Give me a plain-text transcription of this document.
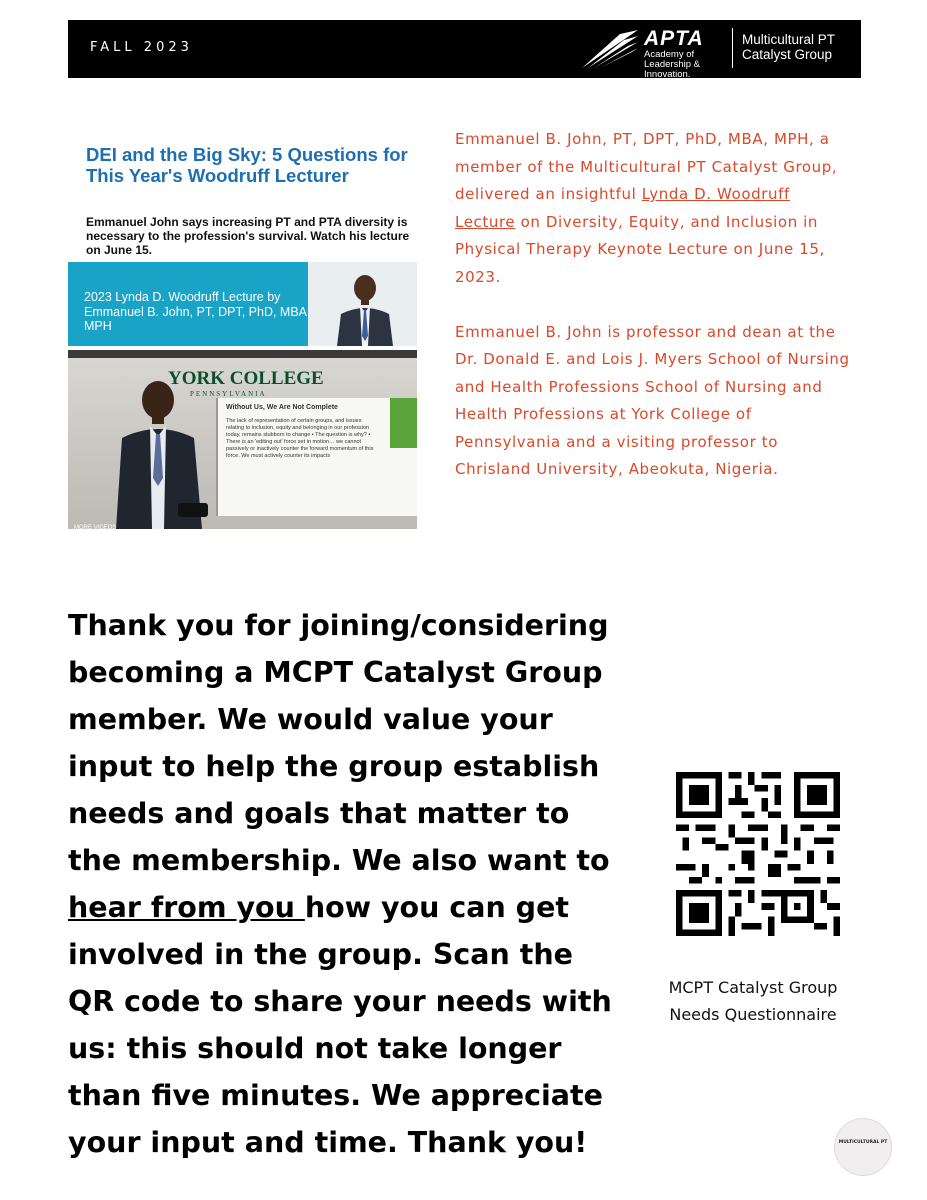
FALL 2023	APTA
Academy of Leadership & Innovation.
Multicultural PT Catalyst Group
DEI and the Big Sky: 5 Questions for This Year's Woodruff Lecturer
Emmanuel John says increasing PT and PTA diversity is necessary to the profession's survival. Watch his lecture on June 15.
2023 Lynda D. Woodruff Lecture by Emmanuel B. John, PT, DPT, PhD, MBA, MPH
YORK COLLEGE
PENNSYLVANIA
Without Us, We Are Not Complete
The lack of representation of certain groups, and issues relating to inclusion, equity and belonging in our profession today, remains stubborn to change • The question is why? • There is an 'editing out' force set in motion… we cannot passively or inactively counter the forward momentum of this force. We must actively counter its impacts
MORE VIDEOS

Emmanuel B. John, PT, DPT, PhD, MBA, MPH, a member of the Multicultural PT Catalyst Group, delivered an insightful Lynda D. Woodruff Lecture on Diversity, Equity, and Inclusion in Physical Therapy Keynote Lecture on June 15, 2023.

Emmanuel B. John is professor and dean at the Dr. Donald E. and Lois J. Myers School of Nursing and Health Professions School of Nursing and Health Professions at York College of Pennsylvania and a visiting professor to Chrisland University, Abeokuta, Nigeria.

Thank you for joining/considering becoming a MCPT Catalyst Group member. We would value your input to help the group establish needs and goals that matter to the membership. We also want to hear from you how you can get involved in the group. Scan the QR code to share your needs with us: this should not take longer than five minutes. We appreciate your input and time. Thank you!
MCPT Catalyst Group Needs Questionnaire
MULTICULTURAL PT
